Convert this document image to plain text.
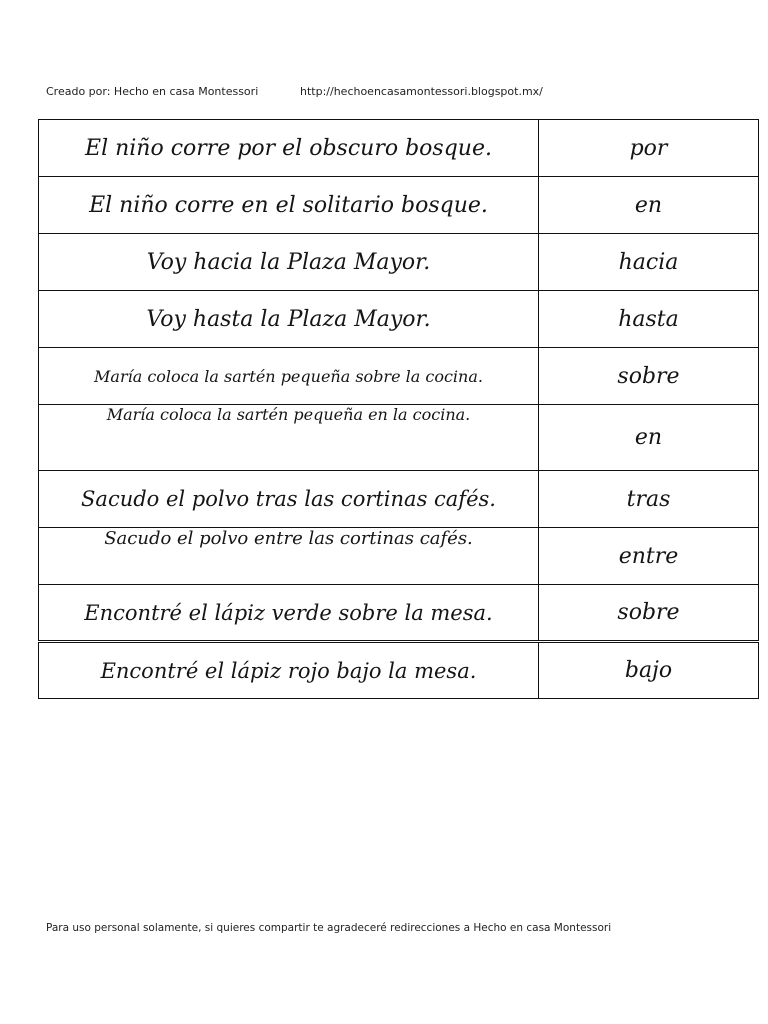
Creado por: Hecho en casa Montessori	http://hechoencasamontessori.blogspot.mx/
El niño corre por el obscuro bosque.	por
El niño corre en el solitario bosque.	en
Voy hacia la Plaza Mayor.	hacia
Voy hasta la Plaza Mayor.	hasta
María coloca la sartén pequeña sobre la cocina.	sobre
María coloca la sartén pequeña en la cocina.	en
Sacudo el polvo tras las cortinas cafés.	tras
Sacudo el polvo entre las cortinas cafés.	entre
Encontré el lápiz verde sobre la mesa.	sobre
Encontré el lápiz rojo bajo la mesa.	bajo
Para uso personal solamente, si quieres compartir te agradeceré redirecciones a Hecho en casa Montessori
